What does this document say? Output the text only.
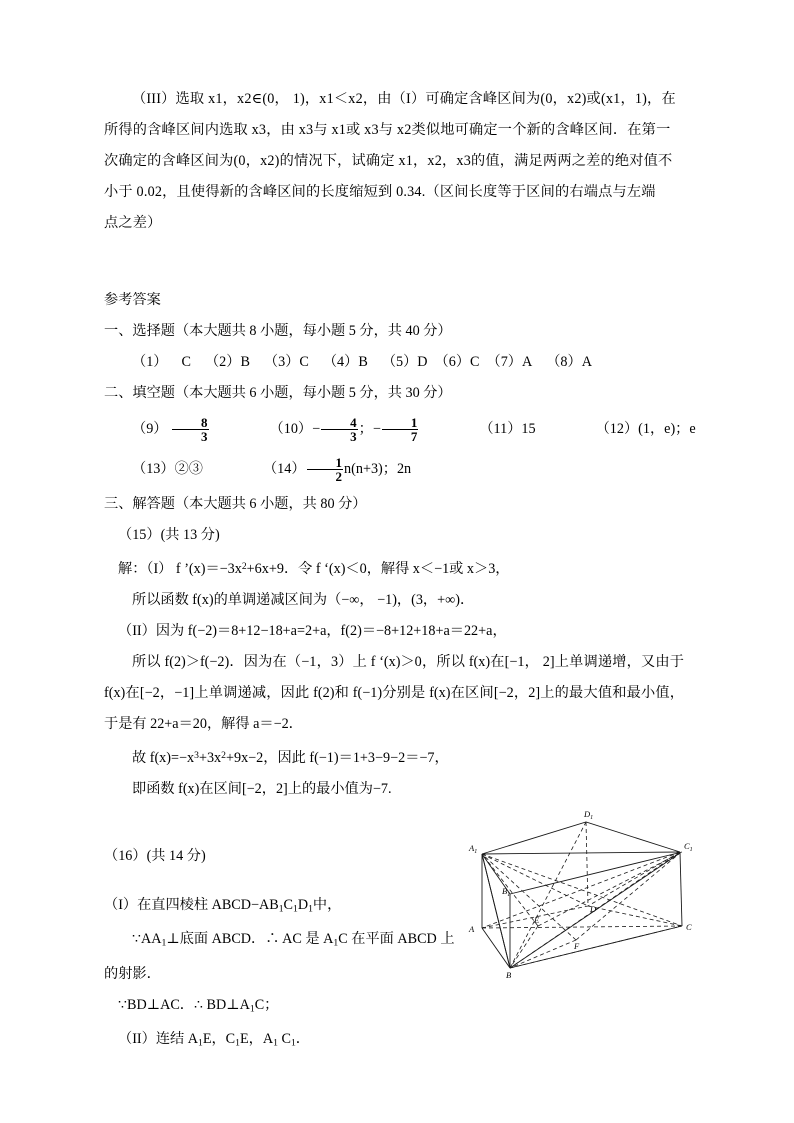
（III）选取 x1，x2∈(0， 1)，x1＜x2，由（I）可确定含峰区间为(0，x2)或(x1，1)，在

所得的含峰区间内选取 x3，由 x3与 x1或 x3与 x2类似地可确定一个新的含峰区间．在第一

次确定的含峰区间为(0，x2)的情况下，试确定 x1，x2，x3的值，满足两两之差的绝对值不

小于 0.02，且使得新的含峰区间的长度缩短到 0.34.（区间长度等于区间的右端点与左端

点之差）

参考答案

一、选择题（本大题共 8 小题，每小题 5 分，共 40 分）

（1） C （2）B （3）C （4）B （5）D （6）C （7）A （8）A

二、填空题（本大题共 6 小题，每小题 5 分，共 30 分）

$(9) \frac{8}{3}$	$(10)- \frac{4}{3}$ ；− $\frac{1}{7}$	（11）15	（12）(1，e)；e

（13）②③	$(14) \frac{1}{2} n(n+3)$；2n

三、解答题（本大题共 6 小题，共 80 分）

（15）(共 13 分)

解：（I） f $’(x)=-3x^2+6x+9$．令 f ‘(x)＜0，解得 x＜−1或 x＞3，

所以函数 f(x)的单调递减区间为（−∞， −1)，(3，+∞)．

（II）因为 f(−2)＝8+12−18+a=2+a，f(2)＝−8+12+18+a＝22+a，

所以 f(2)＞f(−2)．因为在（−1，3）上 f ‘(x)＞0，所以 f(x)在[−1， 2]上单调递增，又由于 f(x)在[−2，−1]上单调递减，因此 f(2)和 f(−1)分别是 f(x)在区间[−2，2]上的最大值和最小值，于是有 22+a＝20，解得 a＝−2．

故 $f(x)=-x^3+3x^2+9x-2$，因此 f(−1)＝1+3−9−2＝−7，

即函数 f(x)在区间[−2，2]上的最小值为−7.

（16）(共 14 分)

（I）在直四棱柱 $ABCD-AB_1C_1D_1$中，

$\because AA_1\perp$底面 ABCD．∴ AC 是 $A_1C$ 在平面 ABCD 上

的射影．

∵BD⊥AC．∴ $BD\perp A_1C$；

（II）连结 $A_1E$，$C_1E$，$A_1$ $C_1$．

$D_1$
$C_1$
$A_1$
$B_1$
D
A	C
E
F
B
